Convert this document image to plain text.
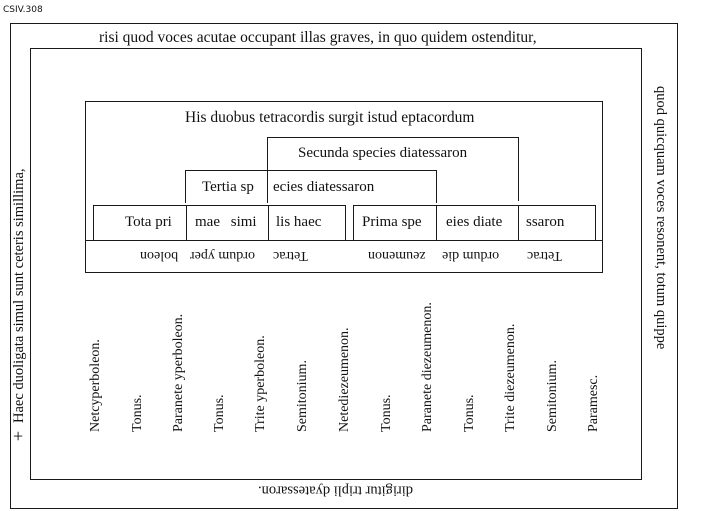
CSIV.308
risi quod voces acutae occupant illas graves, in quo quidem ostenditur,
dirigitur tripli dyatessaron.
quod quicquam voces resonent, totum quippe
Haec duoligata simul sunt ceteris simillima,
+
His duobus tetracordis surgit istud eptacordum
Secunda species diatessaron
Tertia sp ecies diatessaron
Tota pri mae simi lis haec	Prima spe eies diate ssaron
boleon ordum yper Tetrac	zeumenon ordum die Tetrac
Netcyperboleon. Tonus. Paranete yperboleon. Tonus. Trite yperboleon. Semitonium. Netediezeumenon. Tonus. Paranete diezeumenon. Tonus. Trite diezeumenon. Semitonium. Paramesc.
